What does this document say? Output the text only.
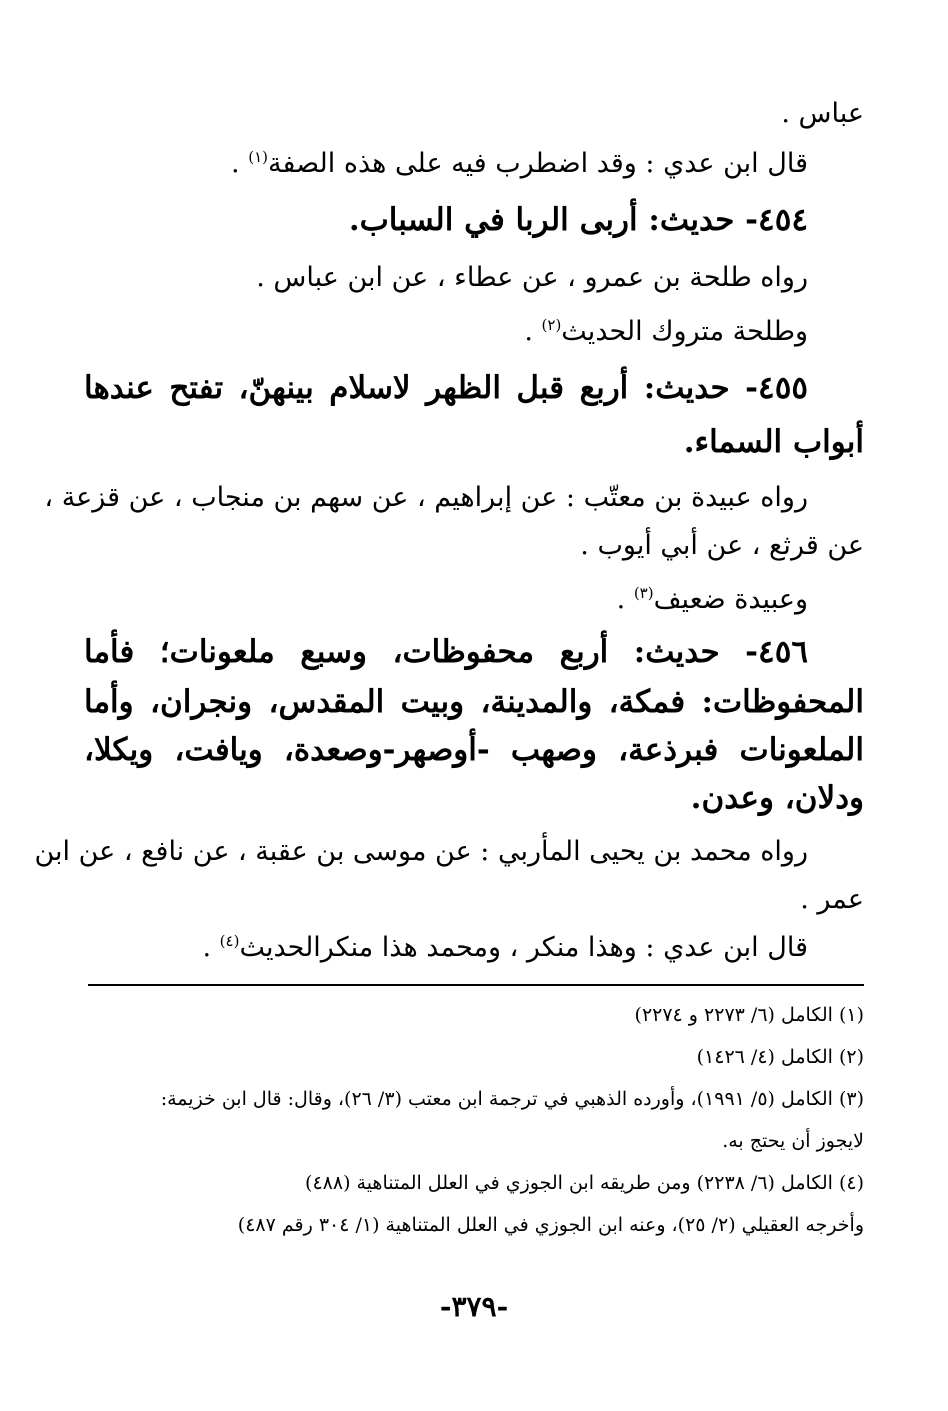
عباس .
قال ابن عدي : وقد اضطرب فيه على هذه الصفة$^{(١)}$ .
٤٥٤- حديث: أربى الربا في السباب.
رواه طلحة بن عمرو ، عن عطاء ، عن ابن عباس .
وطلحة متروك الحديث$^{(٢)}$ .
٤٥٥- حديث: أربع قبل الظهر لاسلام بينهنّ، تفتح عندها
أبواب السماء.
رواه عبيدة بن معتّب : عن إبراهيم ، عن سهم بن منجاب ، عن قزعة ،
عن قرثع ، عن أبي أيوب .
وعبيدة ضعيف$^{(٣)}$ .
٤٥٦- حديث: أربع محفوظات، وسبع ملعونات؛ فأما
المحفوظات: فمكة، والمدينة، وبيت المقدس، ونجران، وأما
الملعونات فبرذعة، وصهب -أوصهر-وصعدة، ويافت، ويكلا،
ودلان، وعدن.
رواه محمد بن يحيى المأربي : عن موسى بن عقبة ، عن نافع ، عن ابن
عمر .
قال ابن عدي : وهذا منكر ، ومحمد هذا منكرالحديث$^{(٤)}$ .
(١) الكامل (٦/ ٢٢٧٣ و ٢٢٧٤)
(٢) الكامل (٤/ ١٤٢٦)
(٣) الكامل (٥/ ١٩٩١)، وأورده الذهبي في ترجمة ابن معتب (٣/ ٢٦)، وقال: قال ابن خزيمة:
لايجوز أن يحتج به.
(٤) الكامل (٦/ ٢٢٣٨) ومن طريقه ابن الجوزي في العلل المتناهية (٤٨٨)
وأخرجه العقيلي (٢/ ٢٥)، وعنه ابن الجوزي في العلل المتناهية (١/ ٣٠٤ رقم ٤٨٧)
-٣٧٩-
